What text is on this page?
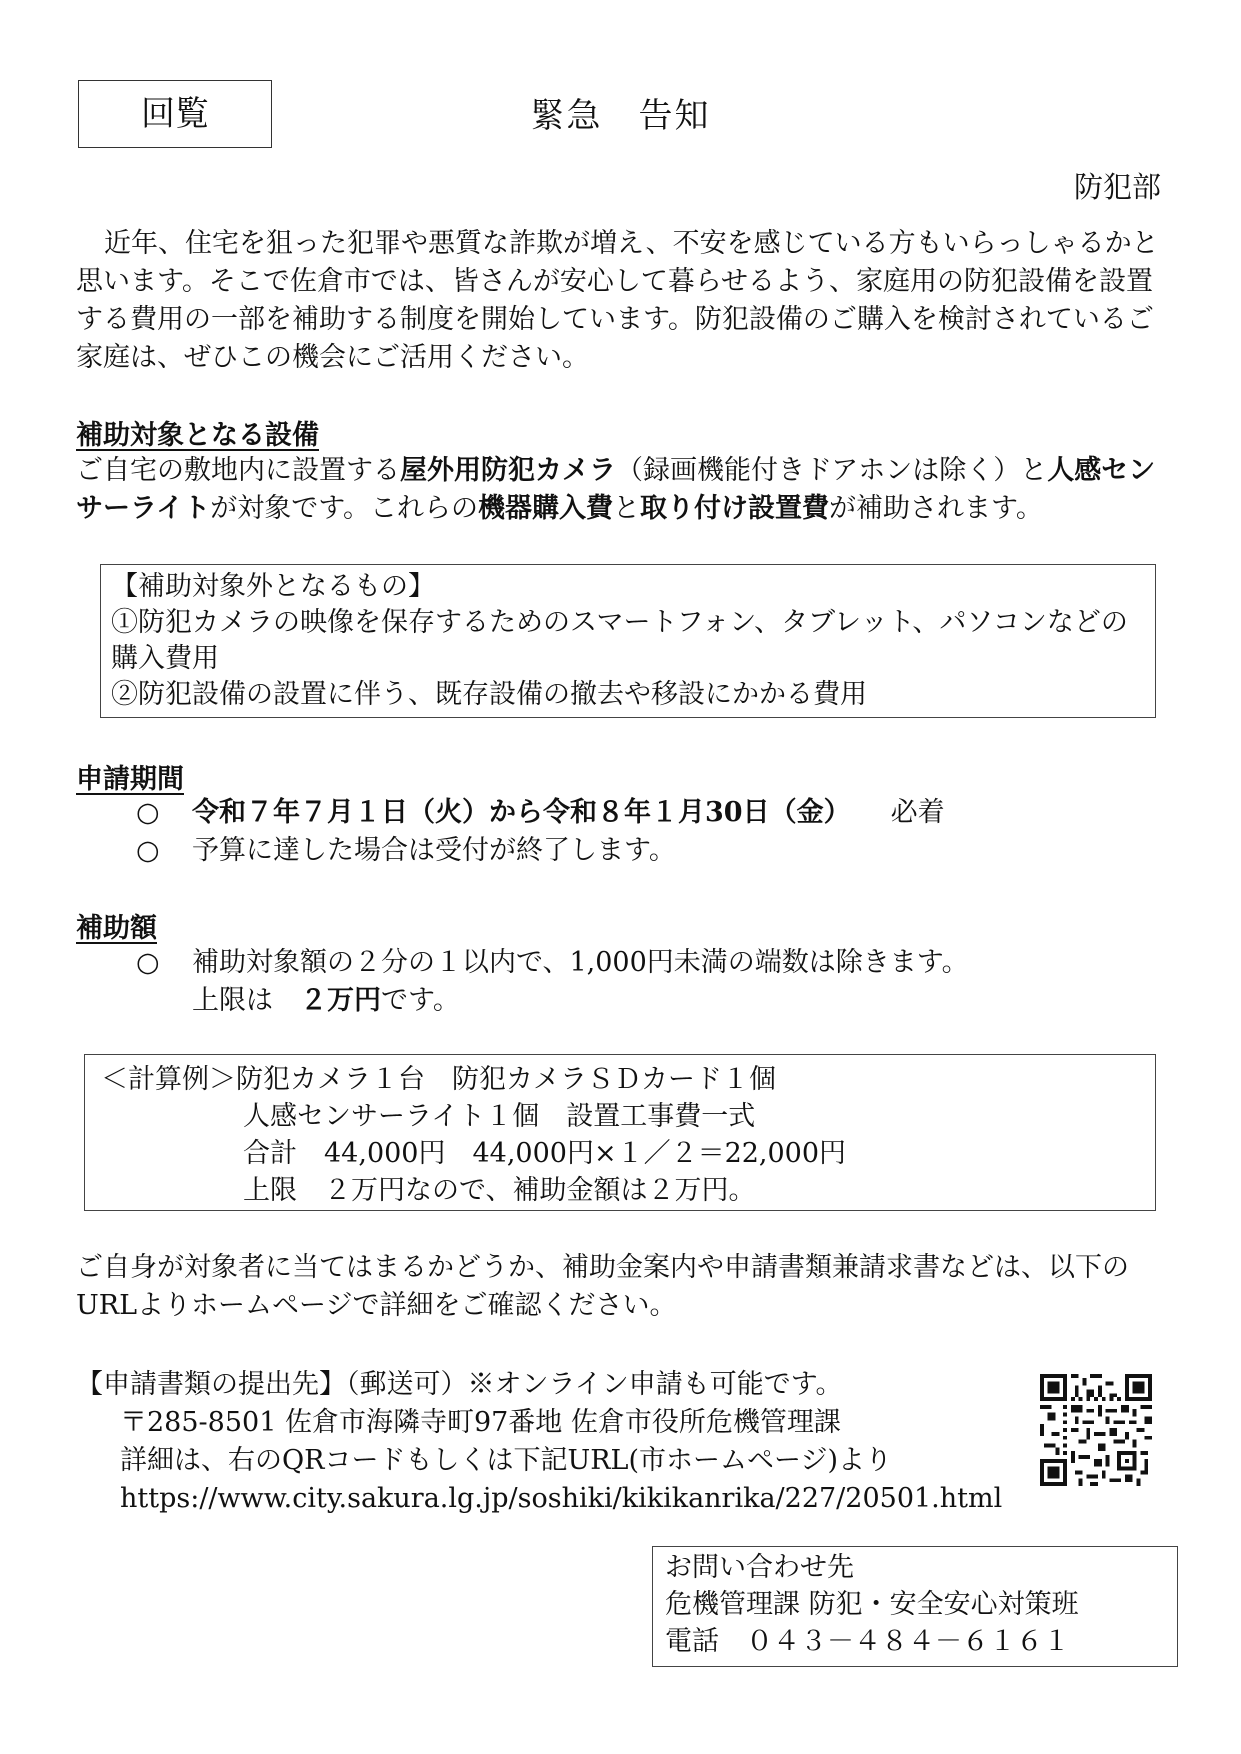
回覧	緊急　告知
防犯部
近年、住宅を狙った犯罪や悪質な詐欺が増え、不安を感じている方もいらっしゃるかと思います。そこで佐倉市では、皆さんが安心して暮らせるよう、家庭用の防犯設備を設置する費用の一部を補助する制度を開始しています。防犯設備のご購入を検討されているご家庭は、ぜひこの機会にご活用ください。
補助対象となる設備
ご自宅の敷地内に設置する屋外用防犯カメラ（録画機能付きドアホンは除く）と人感センサーライトが対象です。これらの機器購入費と取り付け設置費が補助されます。
【補助対象外となるもの】
①防犯カメラの映像を保存するためのスマートフォン、タブレット、パソコンなどの購入費用
②防犯設備の設置に伴う、既存設備の撤去や移設にかかる費用
申請期間
○ 令和７年７月１日（火）から令和８年１月30日（金） 必着
○ 予算に達した場合は受付が終了します。
補助額
○ 補助対象額の２分の１以内で、1,000円未満の端数は除きます。
上限は　２万円です。
＜計算例＞防犯カメラ１台　防犯カメラＳＤカード１個
人感センサーライト１個　設置工事費一式
合計　44,000円　44,000円×１／２＝22,000円
上限　２万円なので、補助金額は２万円。
ご自身が対象者に当てはまるかどうか、補助金案内や申請書類兼請求書などは、以下のURLよりホームページで詳細をご確認ください。
【申請書類の提出先】（郵送可）※オンライン申請も可能です。
〒285-8501 佐倉市海隣寺町97番地 佐倉市役所危機管理課
詳細は、右のQRコードもしくは下記URL(市ホームページ)より
https://www.city.sakura.lg.jp/soshiki/kikikanrika/227/20501.html
お問い合わせ先
危機管理課 防犯・安全安心対策班
電話　０４３－４８４－６１６１
